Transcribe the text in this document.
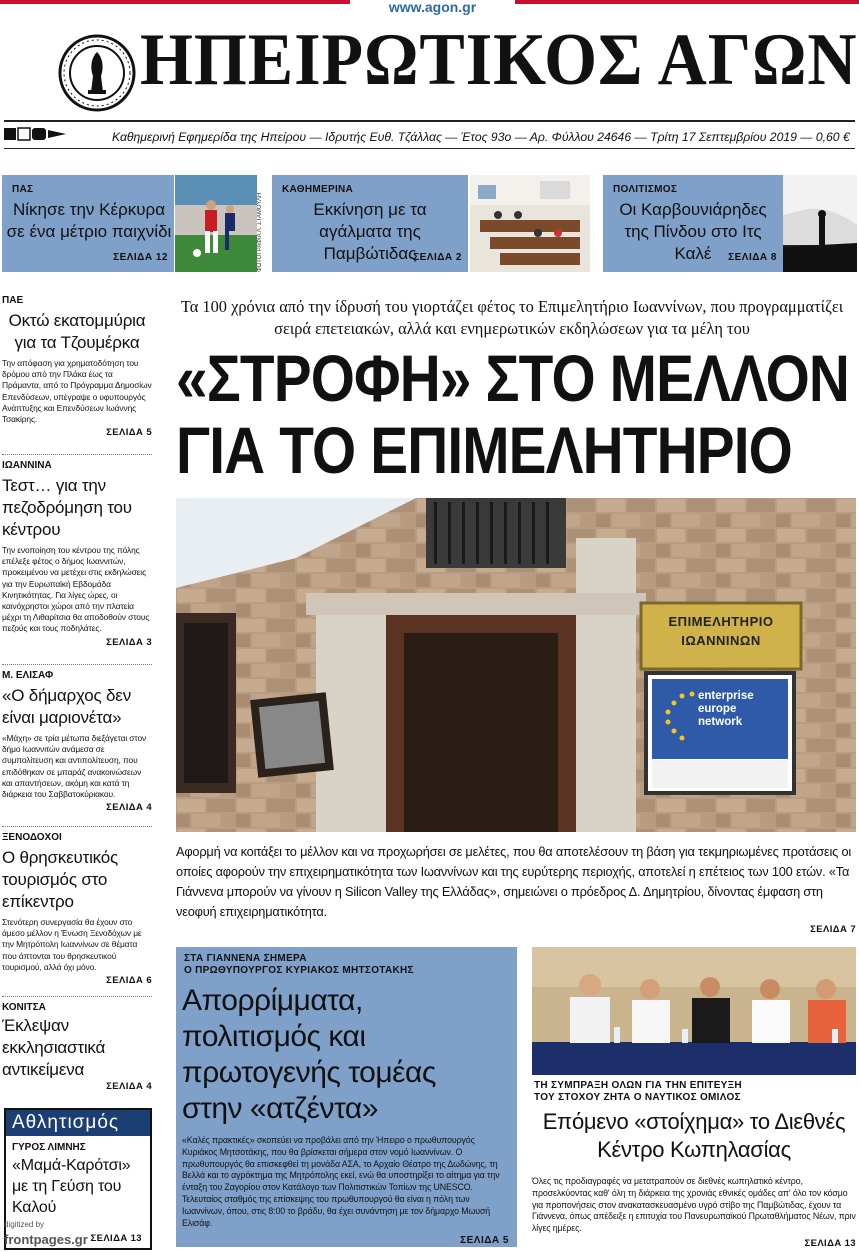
www.agon.gr
ΗΠΕΙΡΩΤΙΚΟΣ ΑΓΩΝ
Καθημερινή Εφημερίδα της Ηπείρου — Ιδρυτής Ευθ. Τζάλλας — Έτος 93ο — Αρ. Φύλλου 24646 — Τρίτη 17 Σεπτεμβρίου 2019 — 0,60 €
ΠΑΣ
Νίκησε την Κέρκυρα σε ένα μέτριο παιχνίδι
ΣΕΛΙΔΑ 12	ΦΩΤΟΓΡΑΦΙΑ Λ. ΣΤΑΜΟΥΛΗ
ΚΑΘΗΜΕΡΙΝΑ
Εκκίνηση με τα αγάλματα της Παμβώτιδας
ΣΕΛΙΔΑ 2
ΠΟΛΙΤΙΣΜΟΣ
Οι Καρβουνιάρηδες της Πίνδου στο Ιτς Καλέ	ΣΕΛΙΔΑ 8
ΠΑΕ
Οκτώ εκατομμύρια για τα Τζουμέρκα
Την απόφαση για χρηματοδότηση του δρόμου από την Πλάκα έως τα Πράμαντα, από το Πρόγραμμα Δημοσίων Επενδύσεων, υπέγραψε ο υφυπουργός Ανάπτυξης και Επενδύσεων Ιωάννης Τσακίρης.
ΣΕΛΙΔΑ 5
ΙΩΑΝΝΙΝΑ
Τεστ… για την πεζοδρόμηση του κέντρου
Την ενοποίηση του κέντρου της πόλης επέλεξε φέτος ο δήμος Ιωαννιτών, προκειμένου να μετέχει στις εκδηλώσεις για την Ευρωπαϊκή Εβδομάδα Κινητικότητας. Για λίγες ώρες, οι καινόχρηστοι χώροι από την πλατεία μέχρι τη Λιθαρίτσια θα αποδοθούν στους πεζούς και τους ποδηλάτες.
ΣΕΛΙΔΑ 3
Μ. ΕΛΙΣΑΦ
«Ο δήμαρχος δεν είναι μαριονέτα»
«Μάχη» σε τρία μέτωπα διεξάγεται στον δήμο Ιωαννιτών ανάμεσα σε συμπολίτευση και αντιπολίτευση, που επιδόθηκαν σε μπαράζ ανακοινώσεων και απαντήσεων, ακόμη και κατά τη διάρκεια του Σαββατοκύριακου.
ΣΕΛΙΔΑ 4
ΞΕΝΟΔΟΧΟΙ
Ο θρησκευτικός τουρισμός στο επίκεντρο
Στενότερη συνεργασία θα έχουν στο άμεσο μέλλον η Ένωση Ξενοδόχων με την Μητρόπολη Ιωαννίνων σε θέματα που άπτονται του θρησκευτικού τουρισμού, αλλά όχι μόνο.
ΣΕΛΙΔΑ 6
ΚΟΝΙΤΣΑ
Έκλεψαν εκκλησιαστικά αντικείμενα
ΣΕΛΙΔΑ 4
Αθλητισμός
ΓΥΡΟΣ ΛΙΜΝΗΣ
«Μαμά-Καρότσι» με τη Γεύση του Καλού
ΣΕΛΙΔΑ 13
Τα 100 χρόνια από την ίδρυσή του γιορτάζει φέτος το Επιμελητήριο Ιωαννίνων, που προγραμματίζει σειρά επετειακών, αλλά και ενημερωτικών εκδηλώσεων για τα μέλη του
«ΣΤΡΟΦΗ» ΣΤΟ ΜΕΛΛΟΝ
ΓΙΑ ΤΟ ΕΠΙΜΕΛΗΤΗΡΙΟ
ΕΠΙΜΕΛΗΤΗΡΙΟ
ΙΩΑΝΝΙΝΩΝ
enterprise
europe
network
Αφορμή να κοιτάξει το μέλλον και να προχωρήσει σε μελέτες, που θα αποτελέσουν τη βάση για τεκμηριωμένες προτάσεις οι οποίες αφορούν την επιχειρηματικότητα των Ιωαννίνων και της ευρύτερης περιοχής, αποτελεί η επέτειος των 100 ετών. «Τα Γιάννενα μπορούν να γίνουν η Silicon Valley της Ελλάδας», σημειώνει ο πρόεδρος Δ. Δημητρίου, δίνοντας έμφαση στη νεοφυή επιχειρηματικότητα.
ΣΕΛΙΔΑ 7
ΣΤΑ ΓΙΑΝΝΕΝΑ ΣΗΜΕΡΑ
Ο ΠΡΩΘΥΠΟΥΡΓΟΣ ΚΥΡΙΑΚΟΣ ΜΗΤΣΟΤΑΚΗΣ
Απορρίμματα, πολιτισμός και πρωτογενής τομέας στην «ατζέντα»
«Καλές πρακτικές» σκοπεύει να προβάλει από την Ήπειρο ο πρωθυπουργός Κυριάκος Μητσοτάκης, που θα βρίσκεται σήμερα στον νομό Ιωαννίνων. Ο πρωθυπουργός θα επισκεφθεί τη μονάδα ΑΣΑ, το Αρχαίο Θέατρο της Δωδώνης, τη Βελλά και το αγρόκτημα της Μητρόπολης εκεί, ενώ θα υποστηρίξει το αίτημα για την ένταξη του Ζαγορίου στον Κατάλογο των Πολιτιστικών Τοπίων της UNESCO. Τελευταίος σταθμός της επίσκεψης του πρωθυπουργού θα είναι η πόλη των Ιωαννίνων, όπου, στις 8:00 το βράδυ, θα έχει συνάντηση με τον δήμαρχο Μωυσή Ελισάφ.
ΣΕΛΙΔΑ 5
ΤΗ ΣΥΜΠΡΑΞΗ ΟΛΩΝ ΓΙΑ ΤΗΝ ΕΠΙΤΕΥΞΗ
ΤΟΥ ΣΤΟΧΟΥ ΖΗΤΑ Ο ΝΑΥΤΙΚΟΣ ΟΜΙΛΟΣ
Επόμενο «στοίχημα» το Διεθνές Κέντρο Κωπηλασίας
Όλες τις προδιαγραφές να μετατραπούν σε διεθνές κωπηλατικό κέντρο, προσελκύοντας καθ' όλη τη διάρκεια της χρονιάς εθνικές ομάδες απ' όλο τον κόσμο για προπονήσεις στον ανακατασκευασμένο υγρό στίβο της Παμβώτιδας, έχουν τα Γιάννενα, όπως απέδειξε η επιτυχία του Πανευρωπαϊκού Πρωταθλήματος Νέων, πριν λίγες ημέρες.
ΣΕΛΙΔΑ 13
digitized by
frontpages.gr
